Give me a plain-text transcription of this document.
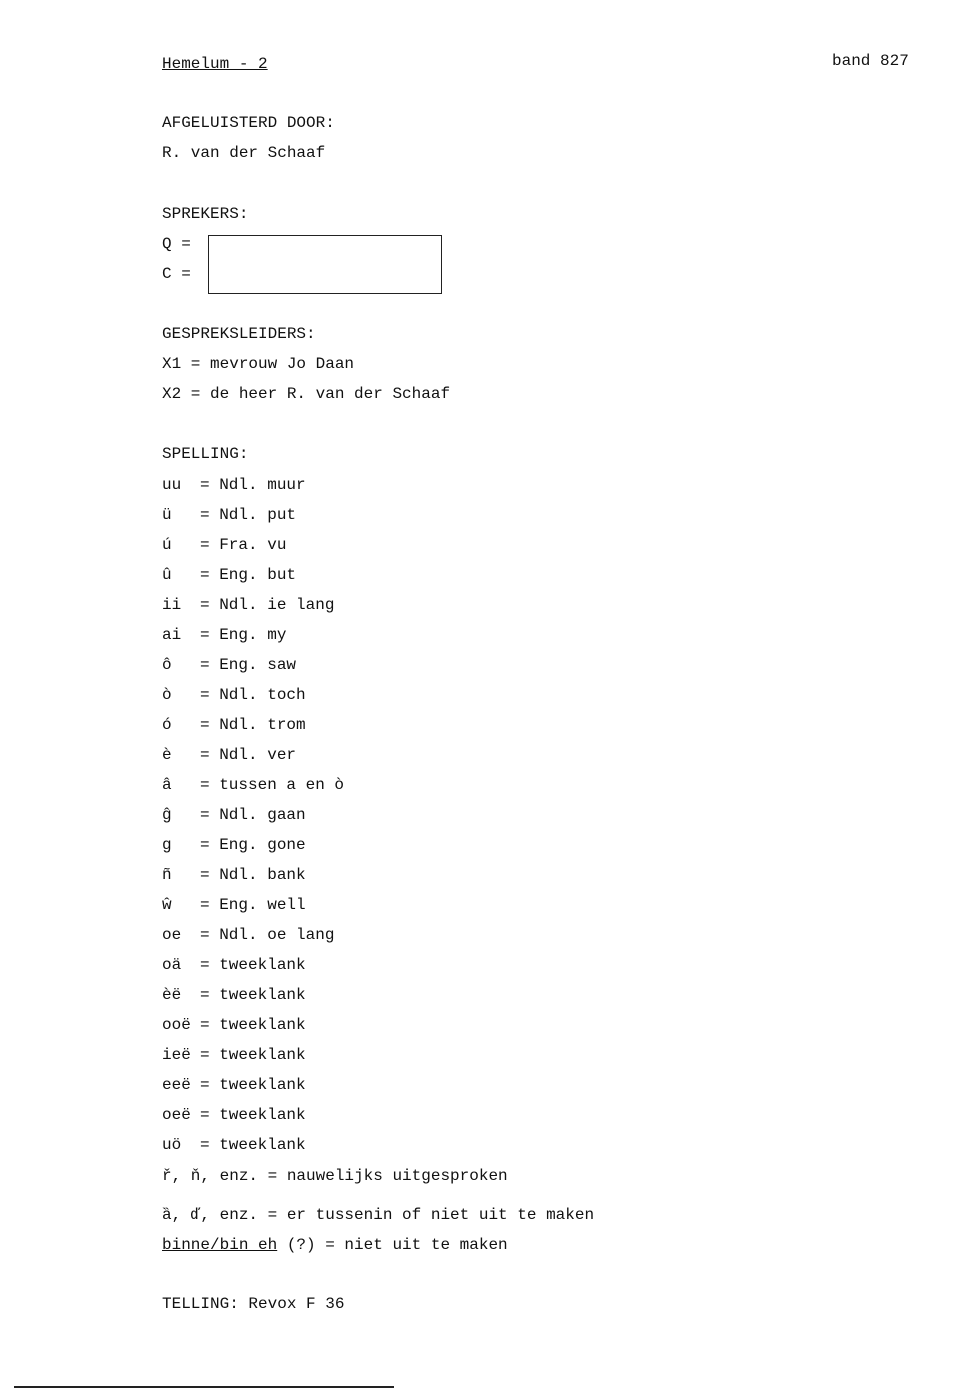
Hemelum - 2	band 827
AFGELUISTERD DOOR:
R. van der Schaaf
SPREKERS:
Q =
C =
GESPREKSLEIDERS:
X1 = mevrouw Jo Daan
X2 = de heer R. van der Schaaf
SPELLING:
uu	= Ndl. muur
ü	= Ndl. put
ú	= Fra. vu
û	= Eng. but
ii	= Ndl. ie lang
ai	= Eng. my
ô	= Eng. saw
ò	= Ndl. toch
ó	= Ndl. trom
è	= Ndl. ver
â	= tussen a en ò
ĝ	= Ndl. gaan
g	= Eng. gone
ñ	= Ndl. bank
ŵ	= Eng. well
oe	= Ndl. oe lang
oä	= tweeklank
èë	= tweeklank
ooë = tweeklank
ieë = tweeklank
eeë = tweeklank
oeë = tweeklank
uö	= tweeklank
ř, ň, enz. = nauwelijks uitgesproken
ȁ, ď, enz. = er tussenin of niet uit te maken
binne/bin eh (?) = niet uit te maken
TELLING: Revox F 36
